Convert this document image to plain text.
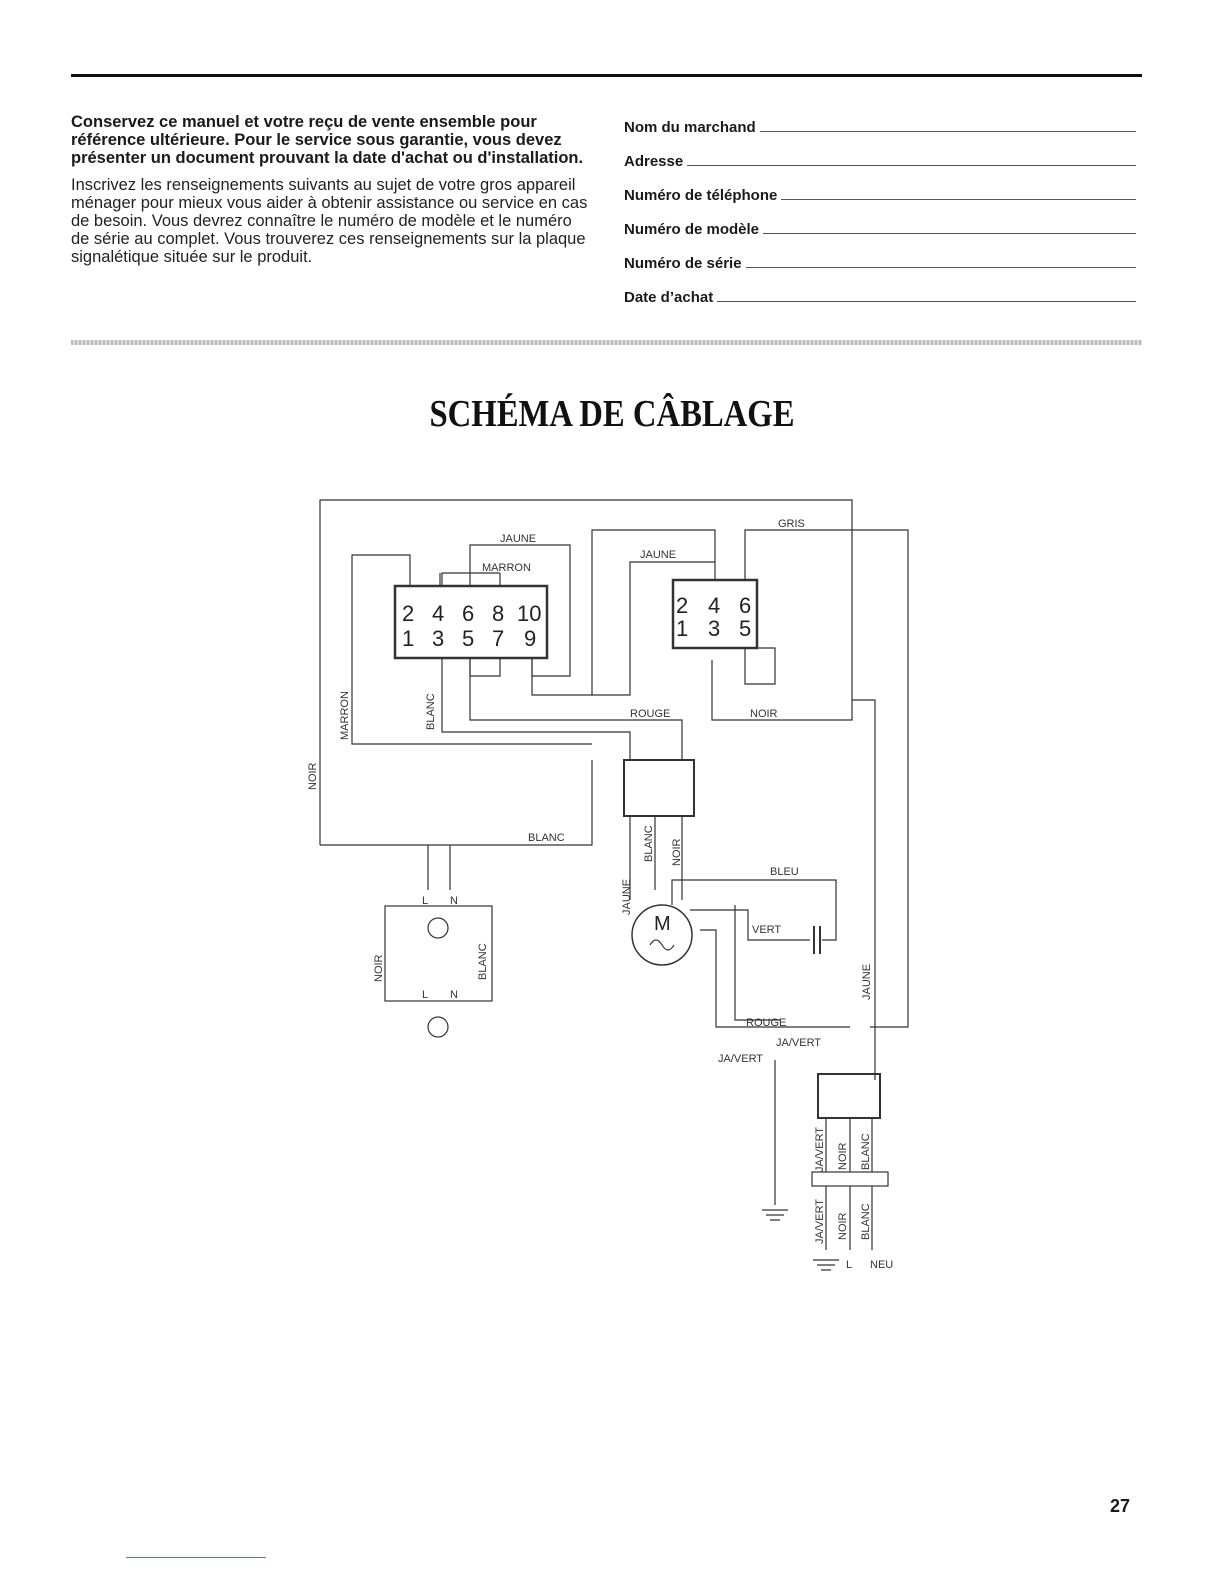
Conservez ce manuel et votre reçu de vente ensemble pour référence ultérieure. Pour le service sous garantie, vous devez présenter un document prouvant la date d'achat ou d'installation.

Inscrivez les renseignements suivants au sujet de votre gros appareil ménager pour mieux vous aider à obtenir assistance ou service en cas de besoin. Vous devrez connaître le numéro de modèle et le numéro de série au complet. Vous trouverez ces renseignements sur la plaque signalétique située sur le produit.

Nom du marchand
Adresse
Numéro de téléphone
Numéro de modèle
Numéro de série
Date d’achat
SCHÉMA DE CÂBLAGE
2 4 6 8 10
1 3 5 7 9
2 4 6
1 3 5
JAUNE
MARRON
GRIS
JAUNE
ROUGE	NOIR
BLANC
BLEU
VERT
ROUGE
JA/VERT
JA/VERT
NOIR
MARRON	BLANC
BLANC NOIR
JAUNE
NOIR	BLANC
JAUNE
JA/VERT NOIR BLANC
JA/VERT NOIR BLANC
L N
L N
L NEU
M
27
